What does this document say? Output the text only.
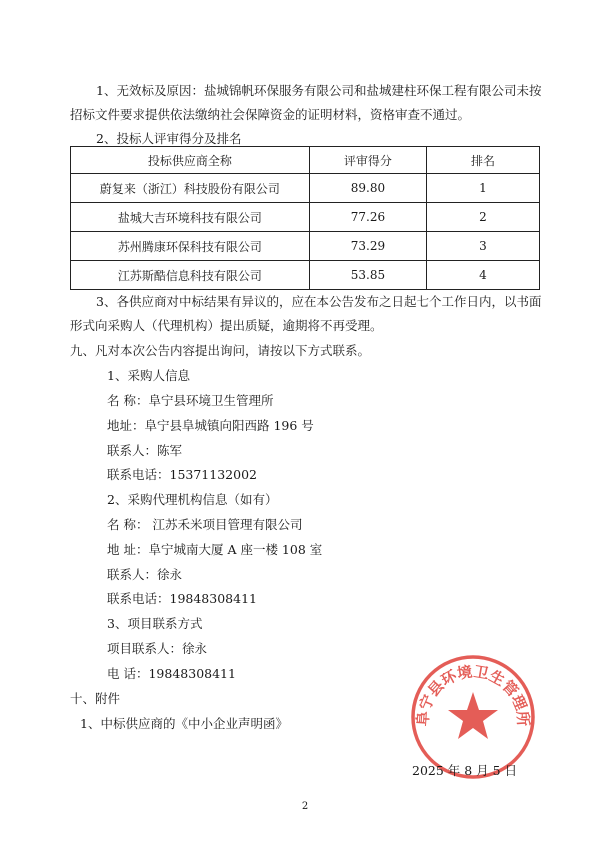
1、无效标及原因：盐城锦帆环保服务有限公司和盐城建柱环保工程有限公司未按
招标文件要求提供依法缴纳社会保障资金的证明材料，资格审查不通过。
2、投标人评审得分及排名
投标供应商全称	评审得分	排名
蔚复来（浙江）科技股份有限公司	89.80	1
盐城大吉环境科技有限公司	77.26	2
苏州腾康环保科技有限公司	73.29	3
江苏斯酷信息科技有限公司	53.85	4
3、各供应商对中标结果有异议的，应在本公告发布之日起七个工作日内，以书面
形式向采购人（代理机构）提出质疑，逾期将不再受理。
九、凡对本次公告内容提出询问，请按以下方式联系。
1、采购人信息
名 称：阜宁县环境卫生管理所
地址：阜宁县阜城镇向阳西路 196 号
联系人：陈军
联系电话：15371132002
2、采购代理机构信息（如有）
名 称： 江苏禾米项目管理有限公司
地 址：阜宁城南大厦 A 座一楼 108 室
联系人：徐永
联系电话：19848308411
3、项目联系方式
项目联系人：徐永
电 话：19848308411
十、附件
1、中标供应商的《中小企业声明函》	阜宁县环境卫生管理所
2025 年 8 月 5 日
2
